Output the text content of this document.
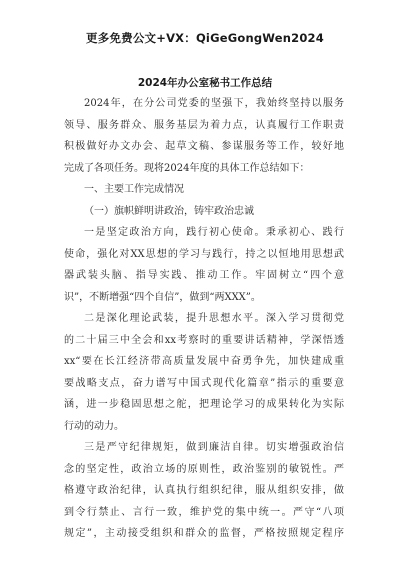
更多免费公文+VX：QiGeGongWen2024
2024年办公室秘书工作总结
2024年，在分公司党委的坚强下，我始终坚持以服务
领导、服务群众、服务基层为着力点，认真履行工作职责
积极做好办文办会、起草文稿、参谋服务等工作，较好地
完成了各项任务。现将2024年度的具体工作总结如下：
一、主要工作完成情况
（一）旗帜鲜明讲政治，铸牢政治忠诚
一是坚定政治方向，践行初心使命。秉承初心、践行
使命，强化对XX思想的学习与践行，持之以恒地用思想武
器武装头脑、指导实践、推动工作。牢固树立“四个意
识”，不断增强“四个自信”，做到“两XXX”。
二是深化理论武装，提升思想水平。深入学习贯彻党
的二十届三中全会和xx考察时的重要讲话精神，学深悟透
xx“要在长江经济带高质量发展中奋勇争先，加快建成重
要战略支点，奋力谱写中国式现代化篇章”指示的重要意
涵，进一步稳固思想之舵，把理论学习的成果转化为实际
行动的动力。
三是严守纪律规矩，做到廉洁自律。切实增强政治信
念的坚定性，政治立场的原则性，政治鉴别的敏锐性。严
格遵守政治纪律，认真执行组织纪律，服从组织安排，做
到令行禁止、言行一致，维护党的集中统一。严守“八项
规定”，主动接受组织和群众的监督，严格按照规定程序
